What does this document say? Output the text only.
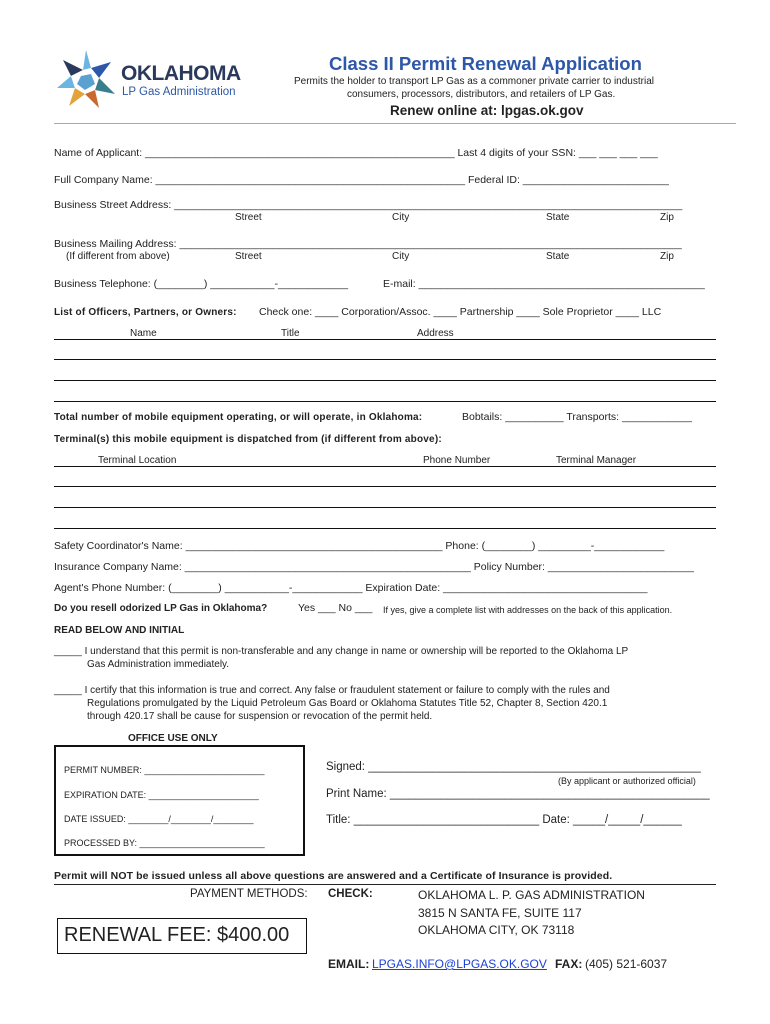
OKLAHOMA
LP Gas Administration
Class II Permit Renewal Application
Permits the holder to transport LP Gas as a commoner private carrier to industrial
consumers, processors, distributors, and retailers of LP Gas.
Renew online at: lpgas.ok.gov
Name of Applicant: _____________________________________________________ Last 4 digits of your SSN: ___ ___ ___ ___
Full Company Name: _____________________________________________________ Federal ID: _________________________
Business Street Address: _______________________________________________________________________________________
Street	City	State	Zip
Business Mailing Address: ______________________________________________________________________________________
(If different from above)	Street	City	State	Zip
Business Telephone: (________) ___________-____________	E-mail: _________________________________________________
List of Officers, Partners, or Owners: Check one: ____ Corporation/Assoc. ____ Partnership ____ Sole Proprietor ____ LLC
Name	Title	Address
Total number of mobile equipment operating, or will operate, in Oklahoma:	Bobtails: __________ Transports: ____________
Terminal(s) this mobile equipment is dispatched from (if different from above):
Terminal Location	Phone Number	Terminal Manager
Safety Coordinator's Name: ____________________________________________ Phone: (________) _________-____________
Insurance Company Name: _________________________________________________ Policy Number: _________________________
Agent's Phone Number: (________) ___________-____________ Expiration Date: ___________________________________
Do you resell odorized LP Gas in Oklahoma?	Yes ___ No ___ If yes, give a complete list with addresses on the back of this application.
READ BELOW AND INITIAL
_____ I understand that this permit is non-transferable and any change in name or ownership will be reported to the Oklahoma LP
Gas Administration immediately.
_____ I certify that this information is true and correct. Any false or fraudulent statement or failure to comply with the rules and
Regulations promulgated by the Liquid Petroleum Gas Board or Oklahoma Statutes Title 52, Chapter 8, Section 420.1
through 420.17 shall be cause for suspension or revocation of the permit held.
OFFICE USE ONLY
PERMIT NUMBER: ________________________
EXPIRATION DATE: ______________________
DATE ISSUED: ________/________/________
PROCESSED BY: _________________________
Signed: ____________________________________________________
(By applicant or authorized official)
Print Name: __________________________________________________
Title: _____________________________ Date: _____/_____/______
Permit will NOT be issued unless all above questions are answered and a Certificate of Insurance is provided.
PAYMENT METHODS: CHECK:	OKLAHOMA L. P. GAS ADMINISTRATION
3815 N SANTA FE, SUITE 117
OKLAHOMA CITY, OK 73118
RENEWAL FEE: $400.00
EMAIL: LPGAS.INFO@LPGAS.OK.GOV FAX: (405) 521-6037
